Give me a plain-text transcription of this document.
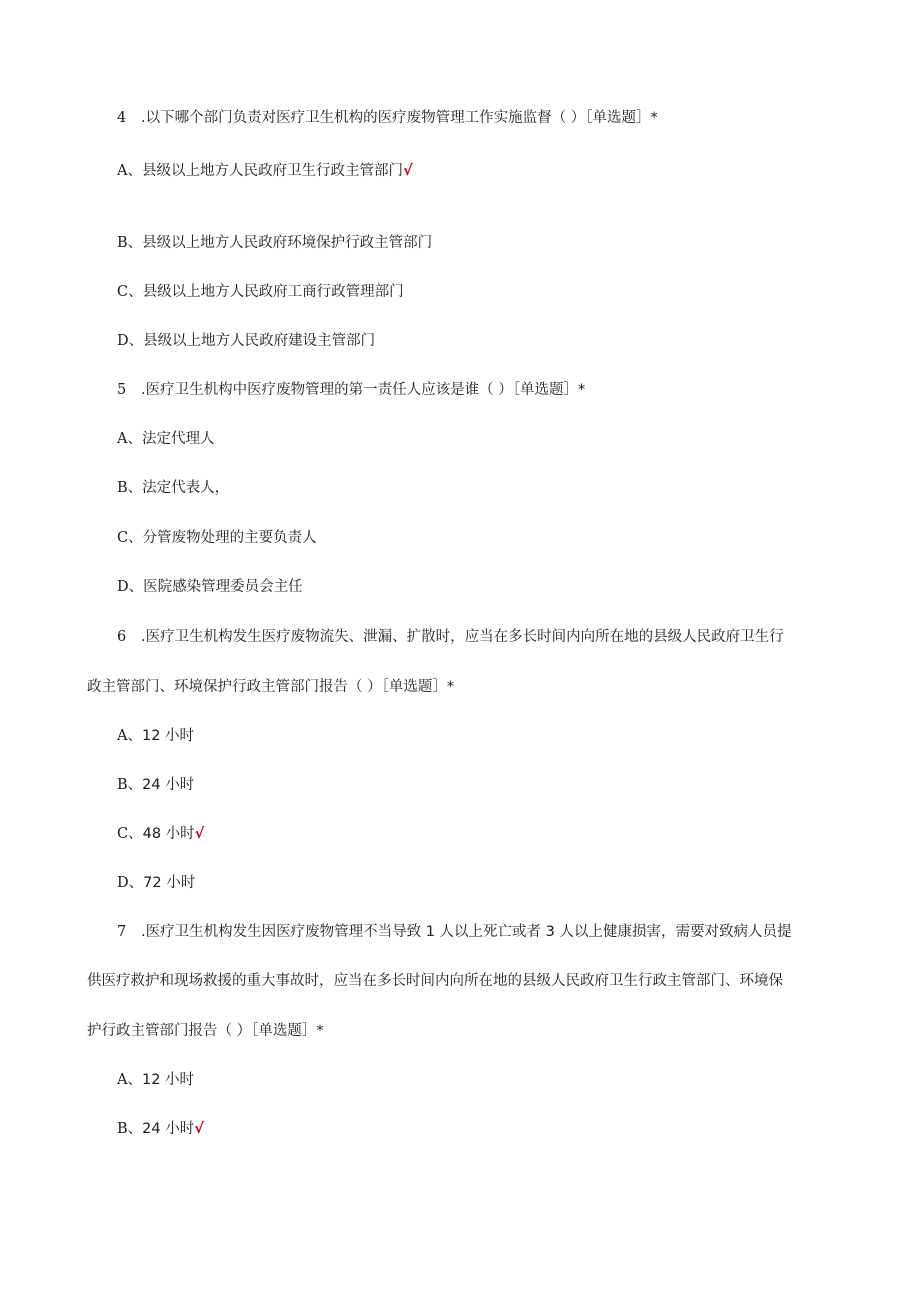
4 .以下哪个部门负责对医疗卫生机构的医疗废物管理工作实施监督（ ）［单选题］*
A、县级以上地方人民政府卫生行政主管部门√
B、县级以上地方人民政府环境保护行政主管部门
C、县级以上地方人民政府工商行政管理部门
D、县级以上地方人民政府建设主管部门
5 .医疗卫生机构中医疗废物管理的第一责任人应该是谁（ ）［单选题］*
A、法定代理人
B、法定代表人，
C、分管废物处理的主要负责人
D、医院感染管理委员会主任
6 .医疗卫生机构发生医疗废物流失、泄漏、扩散时，应当在多长时间内向所在地的县级人民政府卫生行
政主管部门、环境保护行政主管部门报告（ ）［单选题］*
A、12 小时
B、24 小时
C、48 小时√
D、72 小时
7 .医疗卫生机构发生因医疗废物管理不当导致 1 人以上死亡或者 3 人以上健康损害，需要对致病人员提
供医疗救护和现场救援的重大事故时，应当在多长时间内向所在地的县级人民政府卫生行政主管部门、环境保
护行政主管部门报告（ ）［单选题］*
A、12 小时
B、24 小时√
